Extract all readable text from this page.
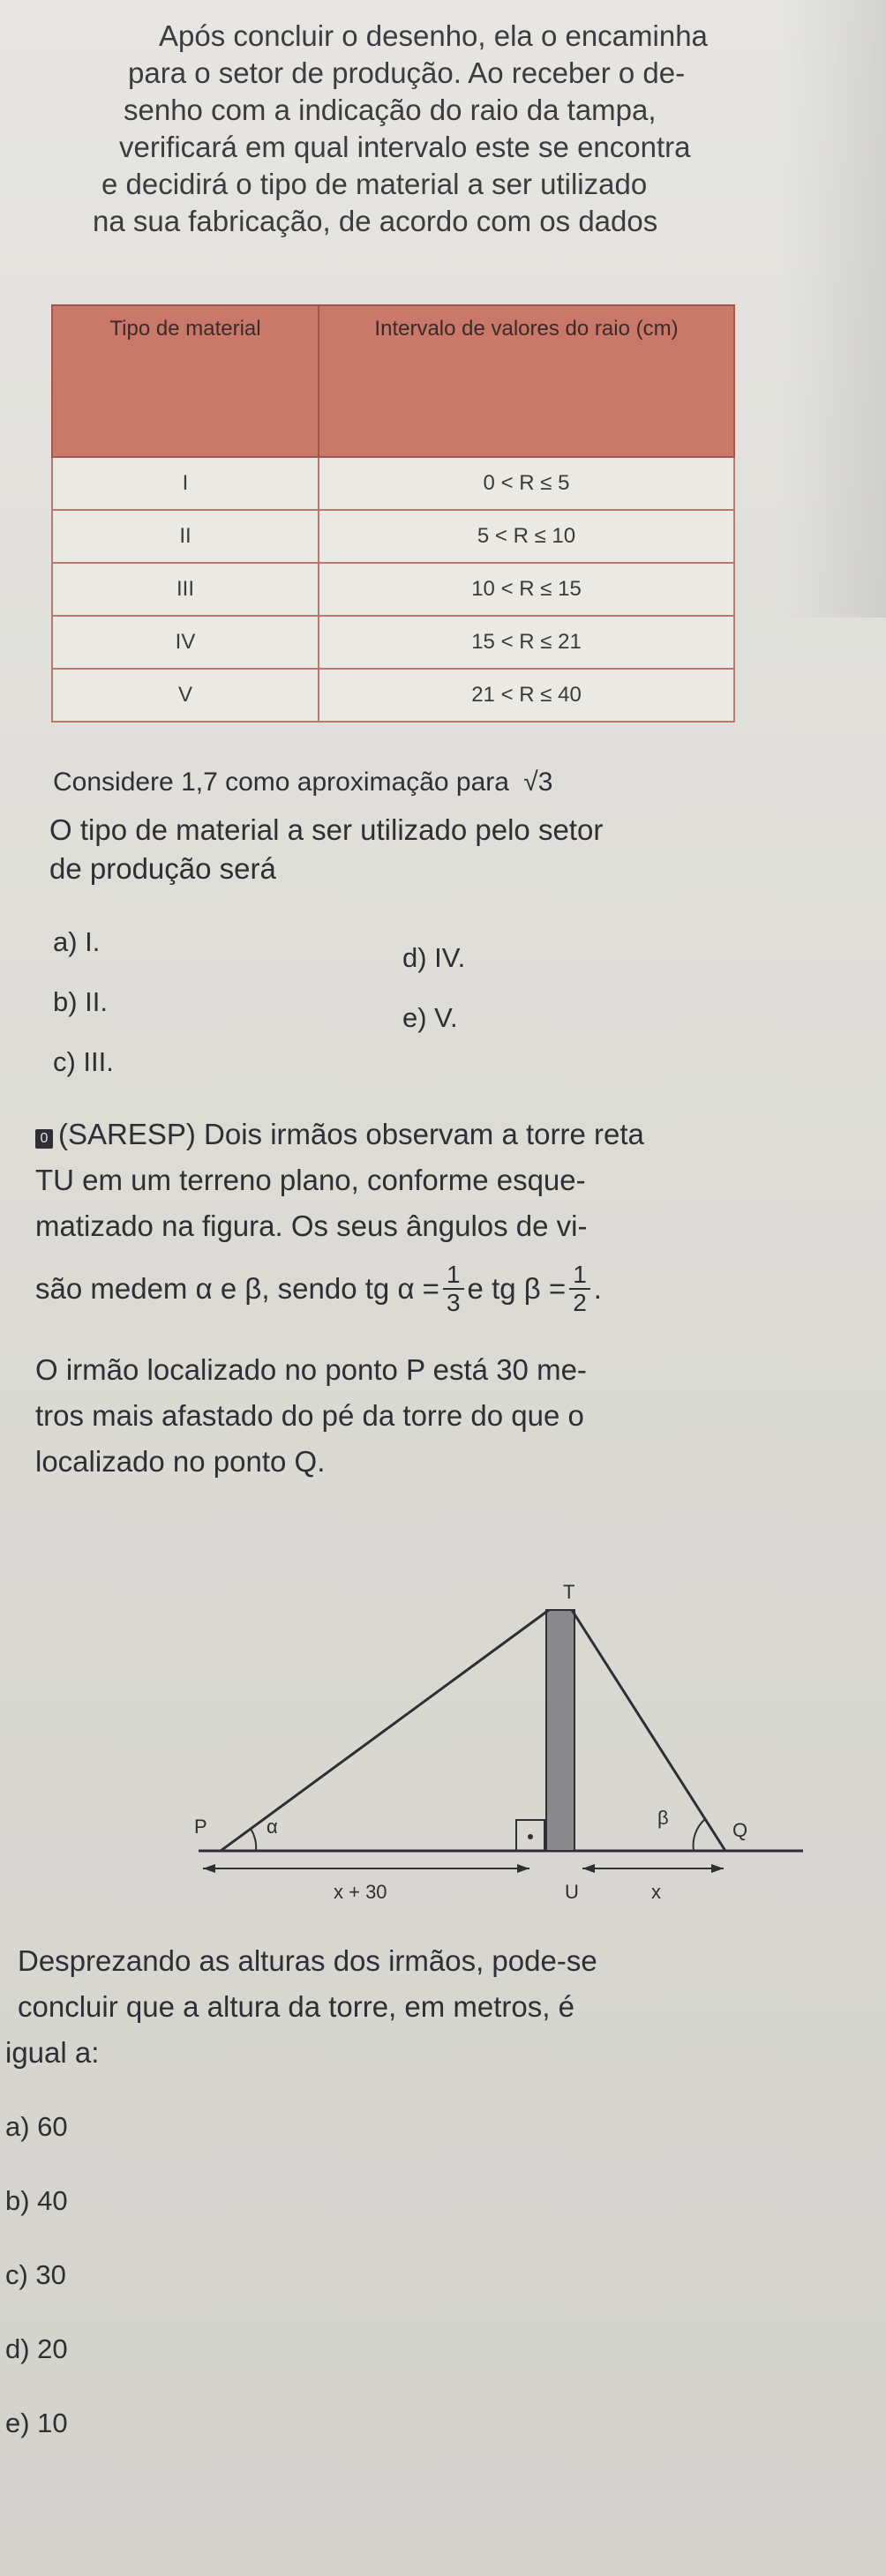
Após concluir o desenho, ela o encaminha

para o setor de produção. Ao receber o de-

senho com a indicação do raio da tampa,

verificará em qual intervalo este se encontra

e decidirá o tipo de material a ser utilizado

na sua fabricação, de acordo com os dados

Tipo de material	Intervalo de valores do raio (cm)
I	0 < R ≤ 5
II	5 < R ≤ 10
III	10 < R ≤ 15
IV	15 < R ≤ 21
V	21 < R ≤ 40
Considere 1,7 como aproximação para √3
O tipo de material a ser utilizado pelo setor
de produção será
a) I.
b) II.
c) III.
d) IV.
e) V.
0 (SARESP) Dois irmãos observam a torre reta
TU em um terreno plano, conforme esque-
matizado na figura. Os seus ângulos de vi-
são medem α e β, sendo tg $\alpha = \frac{1}{3}$ e tg $\beta = \frac{1}{2}$ .
O irmão localizado no ponto P está 30 me-
tros mais afastado do pé da torre do que o
localizado no ponto Q.
T
P	α	β
Q
U
x + 30	x
Desprezando as alturas dos irmãos, pode-se
concluir que a altura da torre, em metros, é
igual a:
a) 60
b) 40
c) 30
d) 20
e) 10
